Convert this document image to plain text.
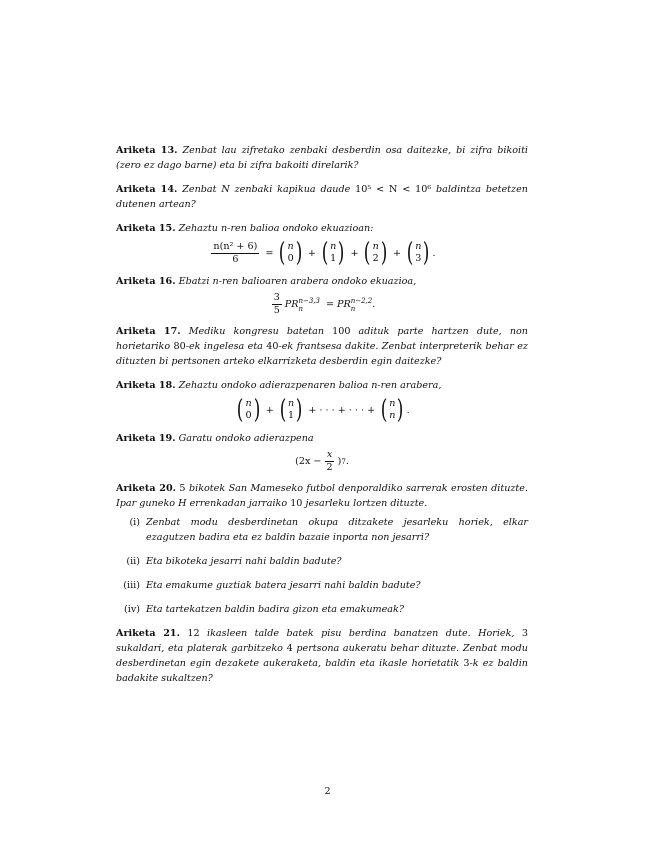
Ariketa 13. Zenbat lau zifretako zenbaki desberdin osa daitezke, bi zifra bikoiti (zero ez dago barne) eta bi zifra bakoiti direlarik?

Ariketa 14. Zenbat N zenbaki kapikua daude 10⁵ < N < 10⁶ baldintza betetzen dutenen artean?

Ariketa 15. Zehaztu n-ren balioa ondoko ekuazioan:

$\frac{\text{n(n² + 6)}}{6}$ = ( n
0 ) + ( n
1 ) + ( n
2 ) + ( n
3 ) .

Ariketa 16. Ebatzi n-ren balioaren arabera ondoko ekuazioa,

$\frac{3}{5}$ PR n−3,3
n	= PR n−2,2
n	.

Ariketa 17. Mediku kongresu batetan 100 adituk parte hartzen dute, non horietariko 80-ek ingelesa eta 40-ek frantsesa dakite. Zenbat interpreterik behar ez dituzten bi pertsonen arteko elkarrizketa desberdin egin daitezke?

Ariketa 18. Zehaztu ondoko adierazpenaren balioa n-ren arabera,

( n
0 ) + ( n
1 ) + · · · + · · · + ( n
n ) .

Ariketa 19. Garatu ondoko adierazpena

($2x - \frac{x}{2}$ ) 7 .

Ariketa 20. 5 bikotek San Mameseko futbol denporaldiko sarrerak erosten dituzte. Ipar guneko H errenkadan jarraiko 10 jesarleku lortzen dituzte.

(i) Zenbat modu desberdinetan okupa ditzakete jesarleku horiek, elkar ezagutzen badira eta ez baldin bazaie inporta non jesarri?
(ii) Eta bikoteka jesarri nahi baldin badute?
(iii) Eta emakume guztiak batera jesarri nahi baldin badute?
(iv) Eta tartekatzen baldin badira gizon eta emakumeak?

Ariketa 21. 12 ikasleen talde batek pisu berdina banatzen dute. Horiek, 3 sukaldari, eta platerak garbitzeko 4 pertsona aukeratu behar dituzte. Zenbat modu desberdinetan egin dezakete aukeraketa, baldin eta ikasle horietatik 3-k ez baldin badakite sukaltzen?

2
